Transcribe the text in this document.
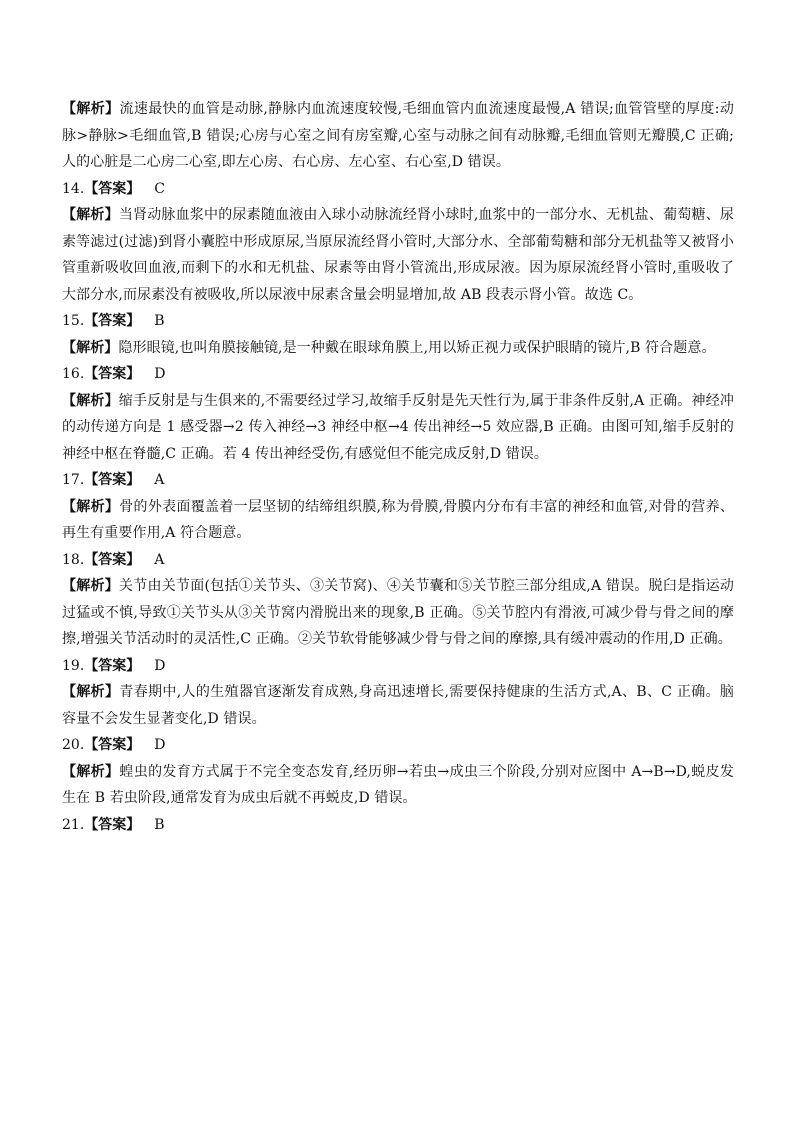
【解析】流速最快的血管是动脉,静脉内血流速度较慢,毛细血管内血流速度最慢,A 错误;血管管壁的厚度:动脉>静脉>毛细血管,B 错误;心房与心室之间有房室瓣,心室与动脉之间有动脉瓣,毛细血管则无瓣膜,C 正确;人的心脏是二心房二心室,即左心房、右心房、左心室、右心室,D 错误。

14.【答案】 C

【解析】当肾动脉血浆中的尿素随血液由入球小动脉流经肾小球时,血浆中的一部分水、无机盐、葡萄糖、尿素等滤过(过滤)到肾小囊腔中形成原尿,当原尿流经肾小管时,大部分水、全部葡萄糖和部分无机盐等又被肾小管重新吸收回血液,而剩下的水和无机盐、尿素等由肾小管流出,形成尿液。因为原尿流经肾小管时,重吸收了大部分水,而尿素没有被吸收,所以尿液中尿素含量会明显增加,故 AB 段表示肾小管。故选 C。

15.【答案】 B

【解析】隐形眼镜,也叫角膜接触镜,是一种戴在眼球角膜上,用以矫正视力或保护眼睛的镜片,B 符合题意。

16.【答案】 D

【解析】缩手反射是与生俱来的,不需要经过学习,故缩手反射是先天性行为,属于非条件反射,A 正确。神经冲的动传递方向是 1 感受器→2 传入神经→3 神经中枢→4 传出神经→5 效应器,B 正确。由图可知,缩手反射的神经中枢在脊髓,C 正确。若 4 传出神经受伤,有感觉但不能完成反射,D 错误。

17.【答案】 A

【解析】骨的外表面覆盖着一层坚韧的结缔组织膜,称为骨膜,骨膜内分布有丰富的神经和血管,对骨的营养、再生有重要作用,A 符合题意。

18.【答案】 A

【解析】关节由关节面(包括①关节头、③关节窝)、④关节囊和⑤关节腔三部分组成,A 错误。脱臼是指运动过猛或不慎,导致①关节头从③关节窝内滑脱出来的现象,B 正确。⑤关节腔内有滑液,可减少骨与骨之间的摩擦,增强关节活动时的灵活性,C 正确。②关节软骨能够减少骨与骨之间的摩擦,具有缓冲震动的作用,D 正确。

19.【答案】 D

【解析】青春期中,人的生殖器官逐渐发育成熟,身高迅速增长,需要保持健康的生活方式,A、B、C 正确。脑容量不会发生显著变化,D 错误。

20.【答案】 D

【解析】蝗虫的发育方式属于不完全变态发育,经历卵→若虫→成虫三个阶段,分别对应图中 A→B→D,蜕皮发生在 B 若虫阶段,通常发育为成虫后就不再蜕皮,D 错误。

21.【答案】 B
